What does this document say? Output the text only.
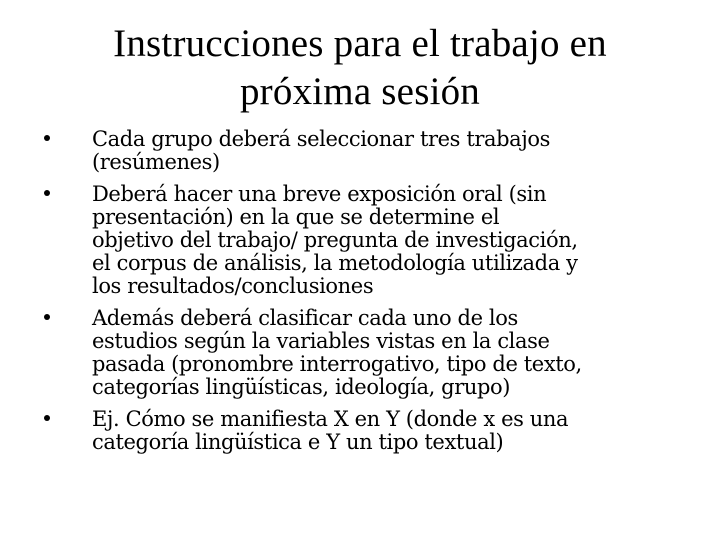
Instrucciones para el trabajo en
próxima sesión
Cada grupo deberá seleccionar tres trabajos
(resúmenes)
Deberá hacer una breve exposición oral (sin
presentación) en la que se determine el
objetivo del trabajo/ pregunta de investigación,
el corpus de análisis, la metodología utilizada y
los resultados/conclusiones
Además deberá clasificar cada uno de los
estudios según la variables vistas en la clase
pasada (pronombre interrogativo, tipo de texto,
categorías lingüísticas, ideología, grupo)
Ej. Cómo se manifiesta X en Y (donde x es una
categoría lingüística e Y un tipo textual)
